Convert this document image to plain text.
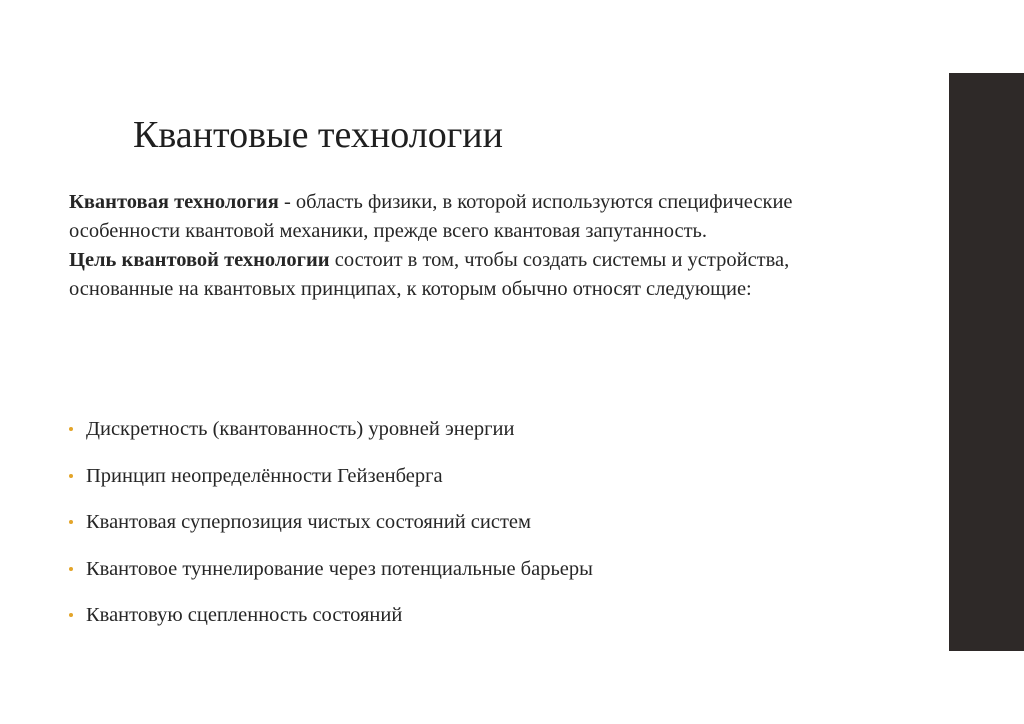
Квантовые технологии

Квантовая технология - область физики, в которой используются специфические особенности квантовой механики, прежде всего квантовая запутанность.

Цель квантовой технологии состоит в том, чтобы создать системы и устройства, основанные на квантовых принципах, к которым обычно относят следующие:

Дискретность (квантованность) уровней энергии
Принцип неопределённости Гейзенберга
Квантовая суперпозиция чистых состояний систем
Квантовое туннелирование через потенциальные барьеры
Квантовую сцепленность состояний
